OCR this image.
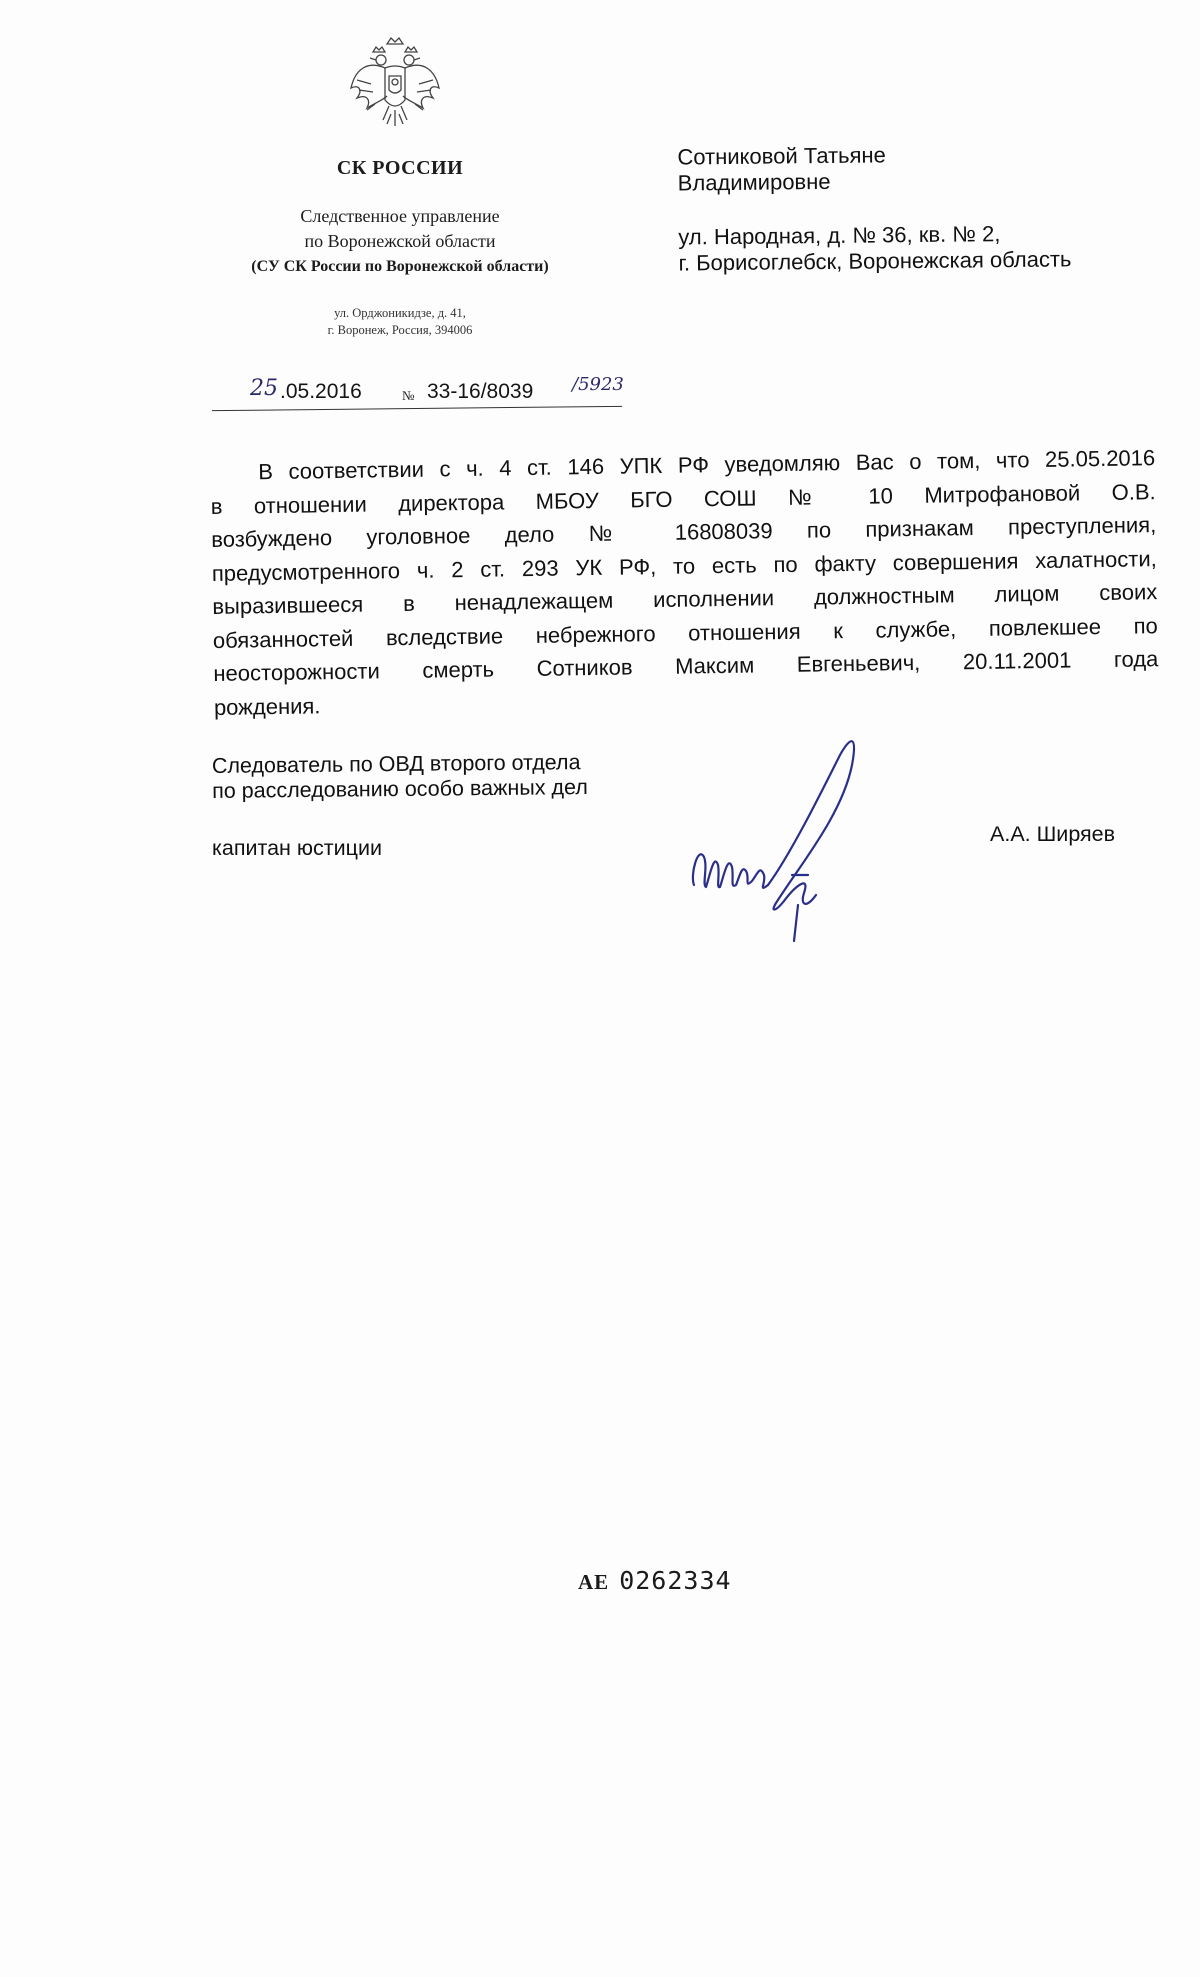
СК РОССИИ
Следственное управление
по Воронежской области
(СУ СК России по Воронежской области)
ул. Орджоникидзе, д. 41,
г. Воронеж, Россия, 394006
25 .05.2016	№ 33-16/8039 /5923
Сотниковой Татьяне
Владимировне
ул. Народная, д. № 36, кв. № 2,
г. Борисоглебск, Воронежская область
В соответствии с ч. 4 ст. 146 УПК РФ уведомляю Вас о том, что 25.05.2016
в отношении директора МБОУ БГО СОШ № 10 Митрофановой О.В.
возбуждено уголовное дело № 16808039 по признакам преступления,
предусмотренного ч. 2 ст. 293 УК РФ, то есть по факту совершения халатности,
выразившееся в ненадлежащем исполнении должностным лицом своих
обязанностей вследствие небрежного отношения к службе, повлекшее по
неосторожности смерть Сотников Максим Евгеньевич, 20.11.2001 года
рождения.
Следователь по ОВД второго отдела
по расследованию особо важных дел
капитан юстиции
А.А. Ширяев
АЕ 0262334
